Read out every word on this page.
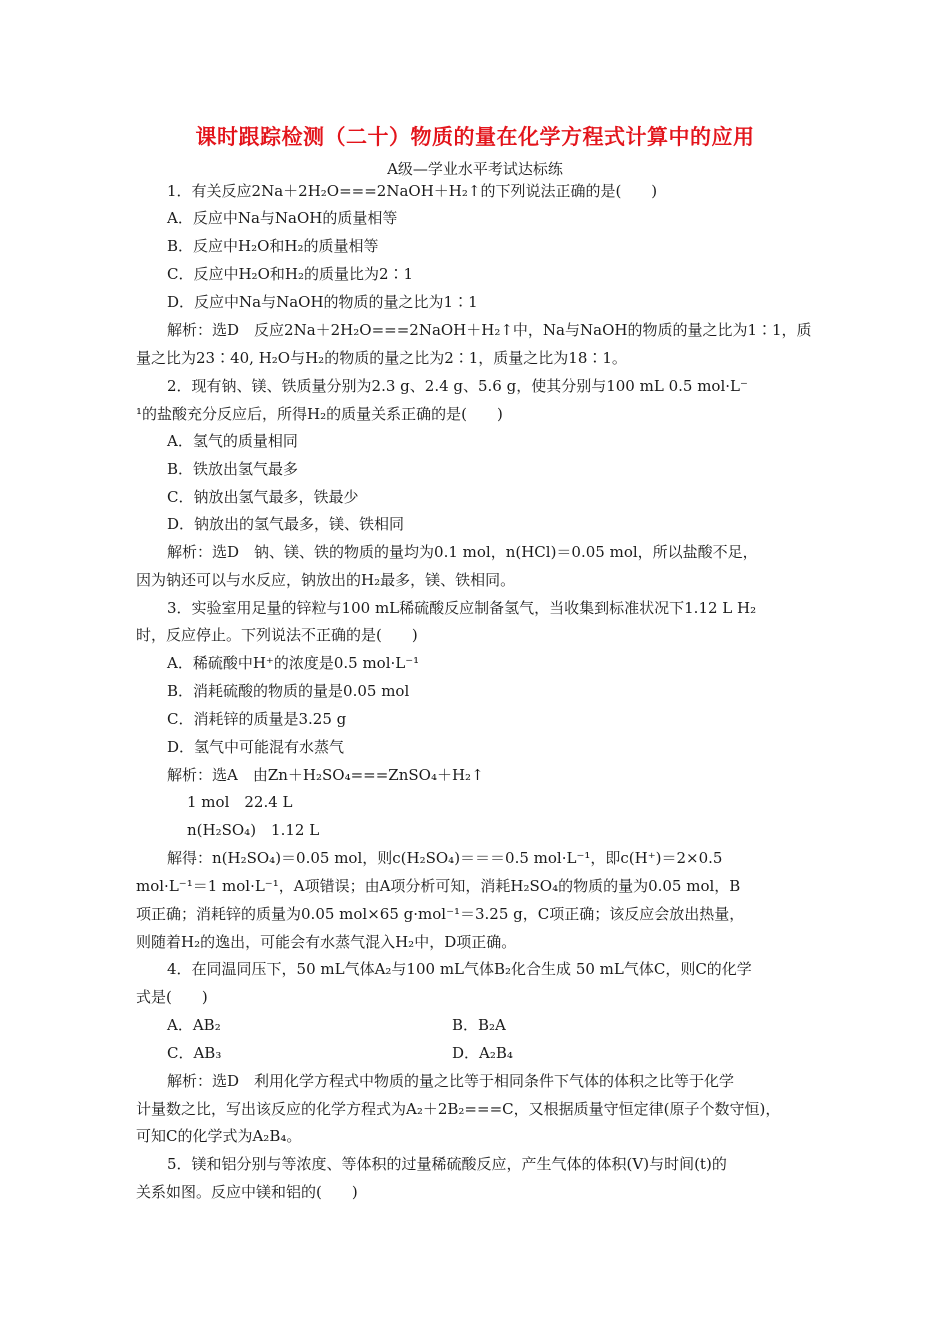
课时跟踪检测（二十）物质的量在化学方程式计算中的应用
A级—学业水平考试达标练
1．有关反应2Na＋2H₂O===2NaOH＋H₂↑的下列说法正确的是(　　)
A．反应中Na与NaOH的质量相等
B．反应中H₂O和H₂的质量相等
C．反应中H₂O和H₂的质量比为2∶1
D．反应中Na与NaOH的物质的量之比为1∶1
解析：选D　反应2Na＋2H₂O===2NaOH＋H₂↑中，Na与NaOH的物质的量之比为1∶1，质
量之比为23∶40, H₂O与H₂的物质的量之比为2∶1，质量之比为18∶1。
2．现有钠、镁、铁质量分别为2.3 g、2.4 g、5.6 g，使其分别与100 mL 0.5 mol·L⁻
¹的盐酸充分反应后，所得H₂的质量关系正确的是(　　)
A．氢气的质量相同
B．铁放出氢气最多
C．钠放出氢气最多，铁最少
D．钠放出的氢气最多，镁、铁相同
解析：选D　钠、镁、铁的物质的量均为0.1 mol，n(HCl)＝0.05 mol，所以盐酸不足，
因为钠还可以与水反应，钠放出的H₂最多，镁、铁相同。
3．实验室用足量的锌粒与100 mL稀硫酸反应制备氢气，当收集到标准状况下1.12 L H₂
时，反应停止。下列说法不正确的是(　　)
A．稀硫酸中H⁺的浓度是0.5 mol·L⁻¹
B．消耗硫酸的物质的量是0.05 mol
C．消耗锌的质量是3.25 g
D．氢气中可能混有水蒸气
解析：选A　由Zn＋H₂SO₄===ZnSO₄＋H₂↑
1 mol　22.4 L
n(H₂SO₄)　1.12 L
解得：n(H₂SO₄)＝0.05 mol，则c(H₂SO₄)＝＝＝0.5 mol·L⁻¹，即c(H⁺)＝2×0.5
mol·L⁻¹＝1 mol·L⁻¹，A项错误；由A项分析可知，消耗H₂SO₄的物质的量为0.05 mol，B
项正确；消耗锌的质量为0.05 mol×65 g·mol⁻¹＝3.25 g，C项正确；该反应会放出热量，
则随着H₂的逸出，可能会有水蒸气混入H₂中，D项正确。
4．在同温同压下，50 mL气体A₂与100 mL气体B₂化合生成 50 mL气体C，则C的化学
式是(　　)
A．AB₂	B．B₂A
C．AB₃	D．A₂B₄
解析：选D　利用化学方程式中物质的量之比等于相同条件下气体的体积之比等于化学
计量数之比，写出该反应的化学方程式为A₂＋2B₂===C，又根据质量守恒定律(原子个数守恒)，
可知C的化学式为A₂B₄。
5．镁和铝分别与等浓度、等体积的过量稀硫酸反应，产生气体的体积(V)与时间(t)的
关系如图。反应中镁和铝的(　　)
